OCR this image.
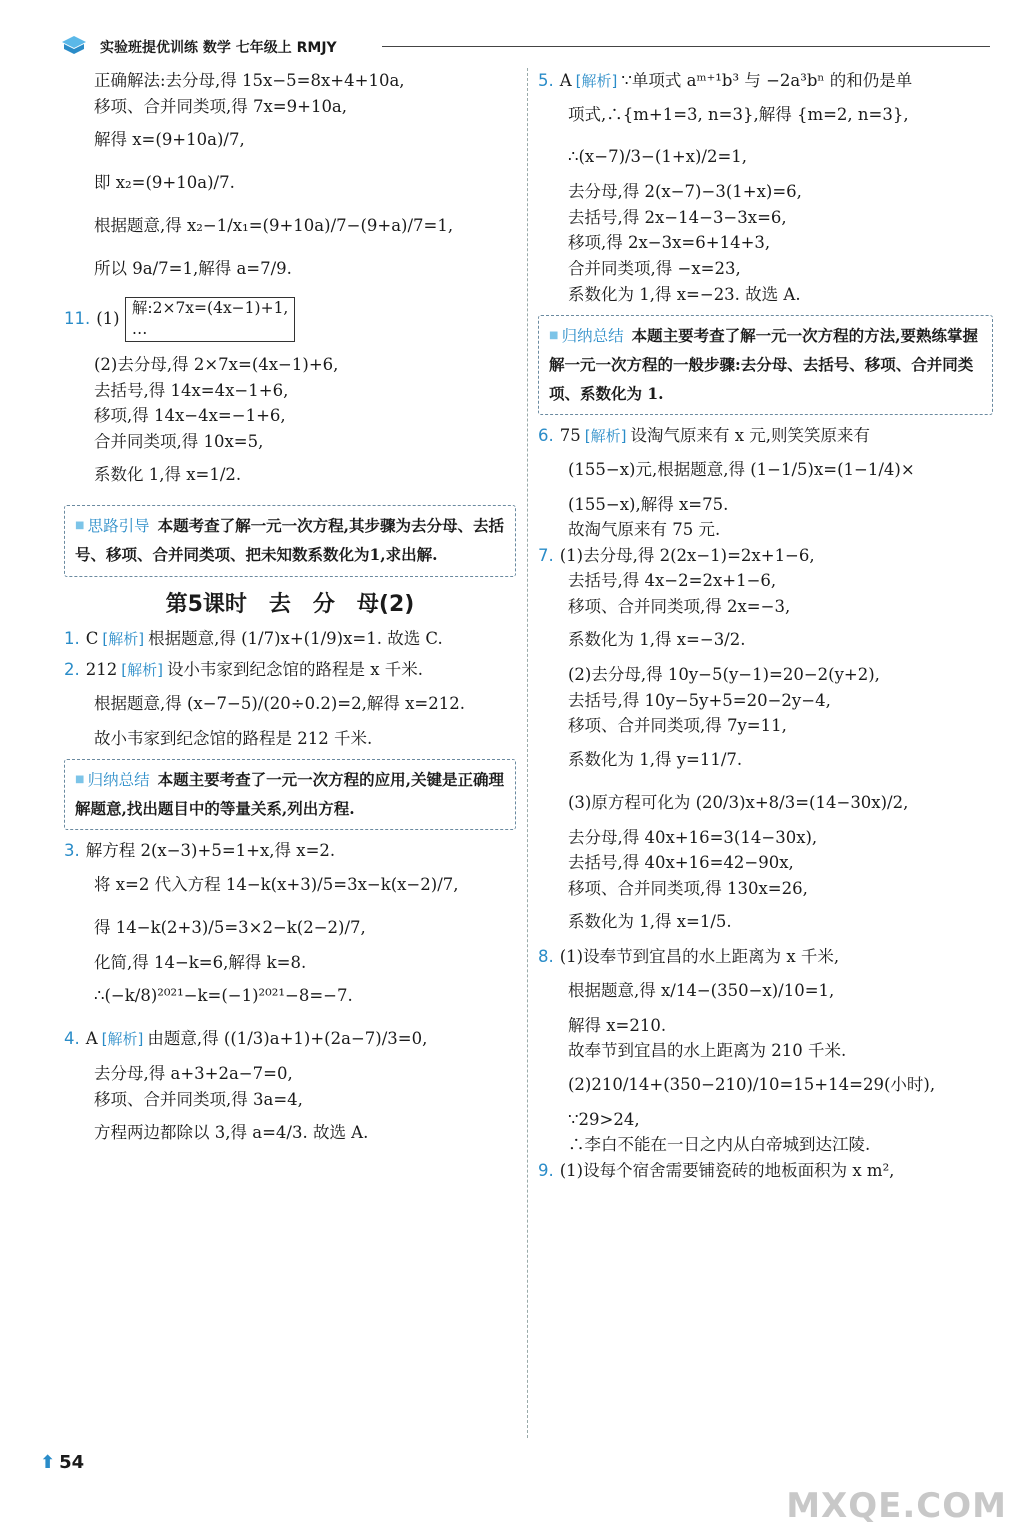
实验班提优训练 数学 七年级上 RMJY

正确解法:去分母,得 15x−5=8x+4+10a,

移项、合并同类项,得 7x=9+10a,

解得 x=(9+10a)/7,

即 x₂=(9+10a)/7.

根据题意,得 x₂−1/x₁=(9+10a)/7−(9+a)/7=1,

所以 9a/7=1,解得 a=7/9.

11. (1) 解:2×7x=(4x−1)+1,
…

(2)去分母,得 2×7x=(4x−1)+6,

去括号,得 14x=4x−1+6,

移项,得 14x−4x=−1+6,

合并同类项,得 10x=5,

系数化 1,得 x=1/2.

■ 思路引导 本题考查了解一元一次方程,其步骤为去分母、去括号、移项、合并同类项、把未知数系数化为1,求出解.
第5课时　去　分　母(2)

1. C [解析] 根据题意,得 (1/7)x+(1/9)x=1. 故选 C.

2. 212 [解析] 设小韦家到纪念馆的路程是 x 千米.

根据题意,得 (x−7−5)/(20÷0.2)=2,解得 x=212.

故小韦家到纪念馆的路程是 212 千米.

■ 归纳总结 本题主要考查了一元一次方程的应用,关键是正确理解题意,找出题目中的等量关系,列出方程.

3. 解方程 2(x−3)+5=1+x,得 x=2.

将 x=2 代入方程 14−k(x+3)/5=3x−k(x−2)/7,

得 14−k(2+3)/5=3×2−k(2−2)/7,

化简,得 14−k=6,解得 k=8.

∴(−k/8)²⁰²¹−k=(−1)²⁰²¹−8=−7.

4. A [解析] 由题意,得 ((1/3)a+1)+(2a−7)/3=0,

去分母,得 a+3+2a−7=0,

移项、合并同类项,得 3a=4,

方程两边都除以 3,得 a=4/3. 故选 A.

5. A [解析] ∵单项式 aᵐ⁺¹b³ 与 −2a³bⁿ 的和仍是单

项式,∴{m+1=3, n=3},解得 {m=2, n=3},

∴(x−7)/3−(1+x)/2=1,

去分母,得 2(x−7)−3(1+x)=6,

去括号,得 2x−14−3−3x=6,

移项,得 2x−3x=6+14+3,

合并同类项,得 −x=23,

系数化为 1,得 x=−23. 故选 A.

■ 归纳总结 本题主要考查了解一元一次方程的方法,要熟练掌握解一元一次方程的一般步骤:去分母、去括号、移项、合并同类项、系数化为 1.

6. 75 [解析] 设淘气原来有 x 元,则笑笑原来有

(155−x)元,根据题意,得 (1−1/5)x=(1−1/4)×

(155−x),解得 x=75.

故淘气原来有 75 元.

7. (1)去分母,得 2(2x−1)=2x+1−6,

去括号,得 4x−2=2x+1−6,

移项、合并同类项,得 2x=−3,

系数化为 1,得 x=−3/2.

(2)去分母,得 10y−5(y−1)=20−2(y+2),

去括号,得 10y−5y+5=20−2y−4,

移项、合并同类项,得 7y=11,

系数化为 1,得 y=11/7.

(3)原方程可化为 (20/3)x+8/3=(14−30x)/2,

去分母,得 40x+16=3(14−30x),

去括号,得 40x+16=42−90x,

移项、合并同类项,得 130x=26,

系数化为 1,得 x=1/5.

8. (1)设奉节到宜昌的水上距离为 x 千米,

根据题意,得 x/14−(350−x)/10=1,

解得 x=210.

故奉节到宜昌的水上距离为 210 千米.

(2)210/14+(350−210)/10=15+14=29(小时),

∵29>24,

∴李白不能在一日之内从白帝城到达江陵.

9. (1)设每个宿舍需要铺瓷砖的地板面积为 x m²,

⬆ 54
MXQE.COM
